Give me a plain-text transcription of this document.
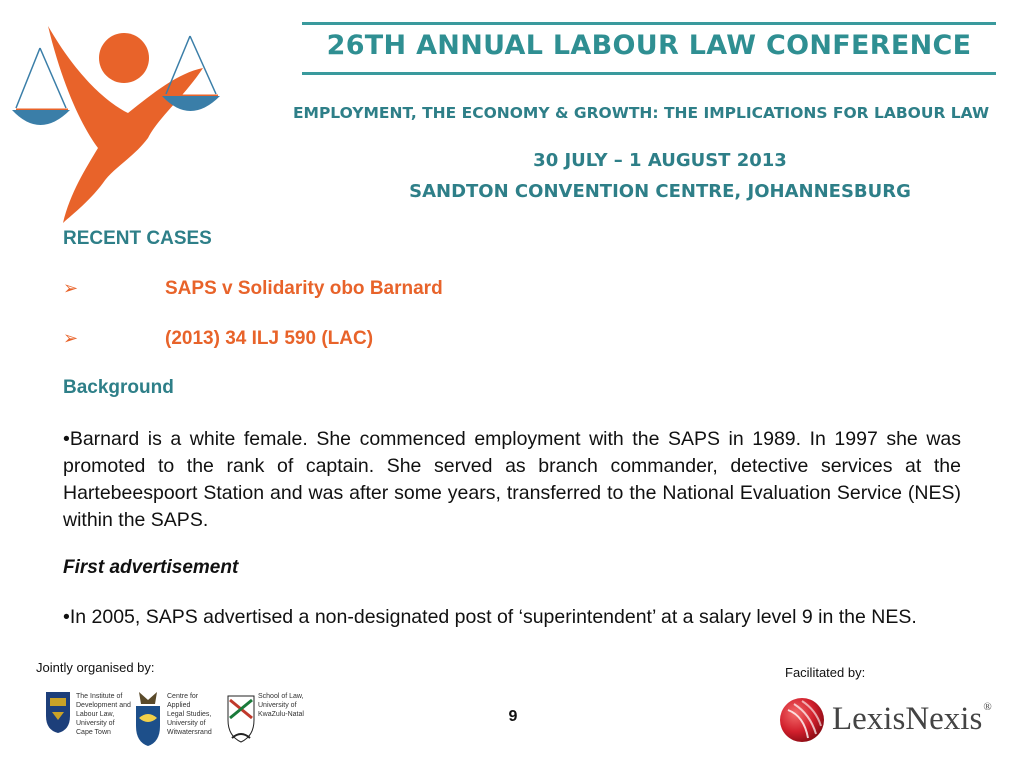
26TH ANNUAL LABOUR LAW CONFERENCE
EMPLOYMENT, THE ECONOMY & GROWTH: THE IMPLICATIONS FOR LABOUR LAW
30 JULY – 1 AUGUST 2013
SANDTON CONVENTION CENTRE, JOHANNESBURG
RECENT CASES
➢	SAPS v Solidarity obo Barnard
➢	(2013) 34 ILJ 590 (LAC)
Background
•Barnard is a white female. She commenced employment with the SAPS in 1989. In 1997 she was promoted to the rank of captain. She served as branch commander, detective services at the Hartebeespoort Station and was after some years, transferred to the National Evaluation Service (NES) within the SAPS.
First advertisement
•In 2005, SAPS advertised a non-designated post of ‘superintendent’ at a salary level 9 in the NES.
Jointly organised by:
The Institute of
Development and
Labour Law,
University of
Cape Town
Centre for Applied
Legal Studies,
University of
Witwatersrand
School of Law,
University of
KwaZulu-Natal	9
Facilitated by:
LexisNexis®
